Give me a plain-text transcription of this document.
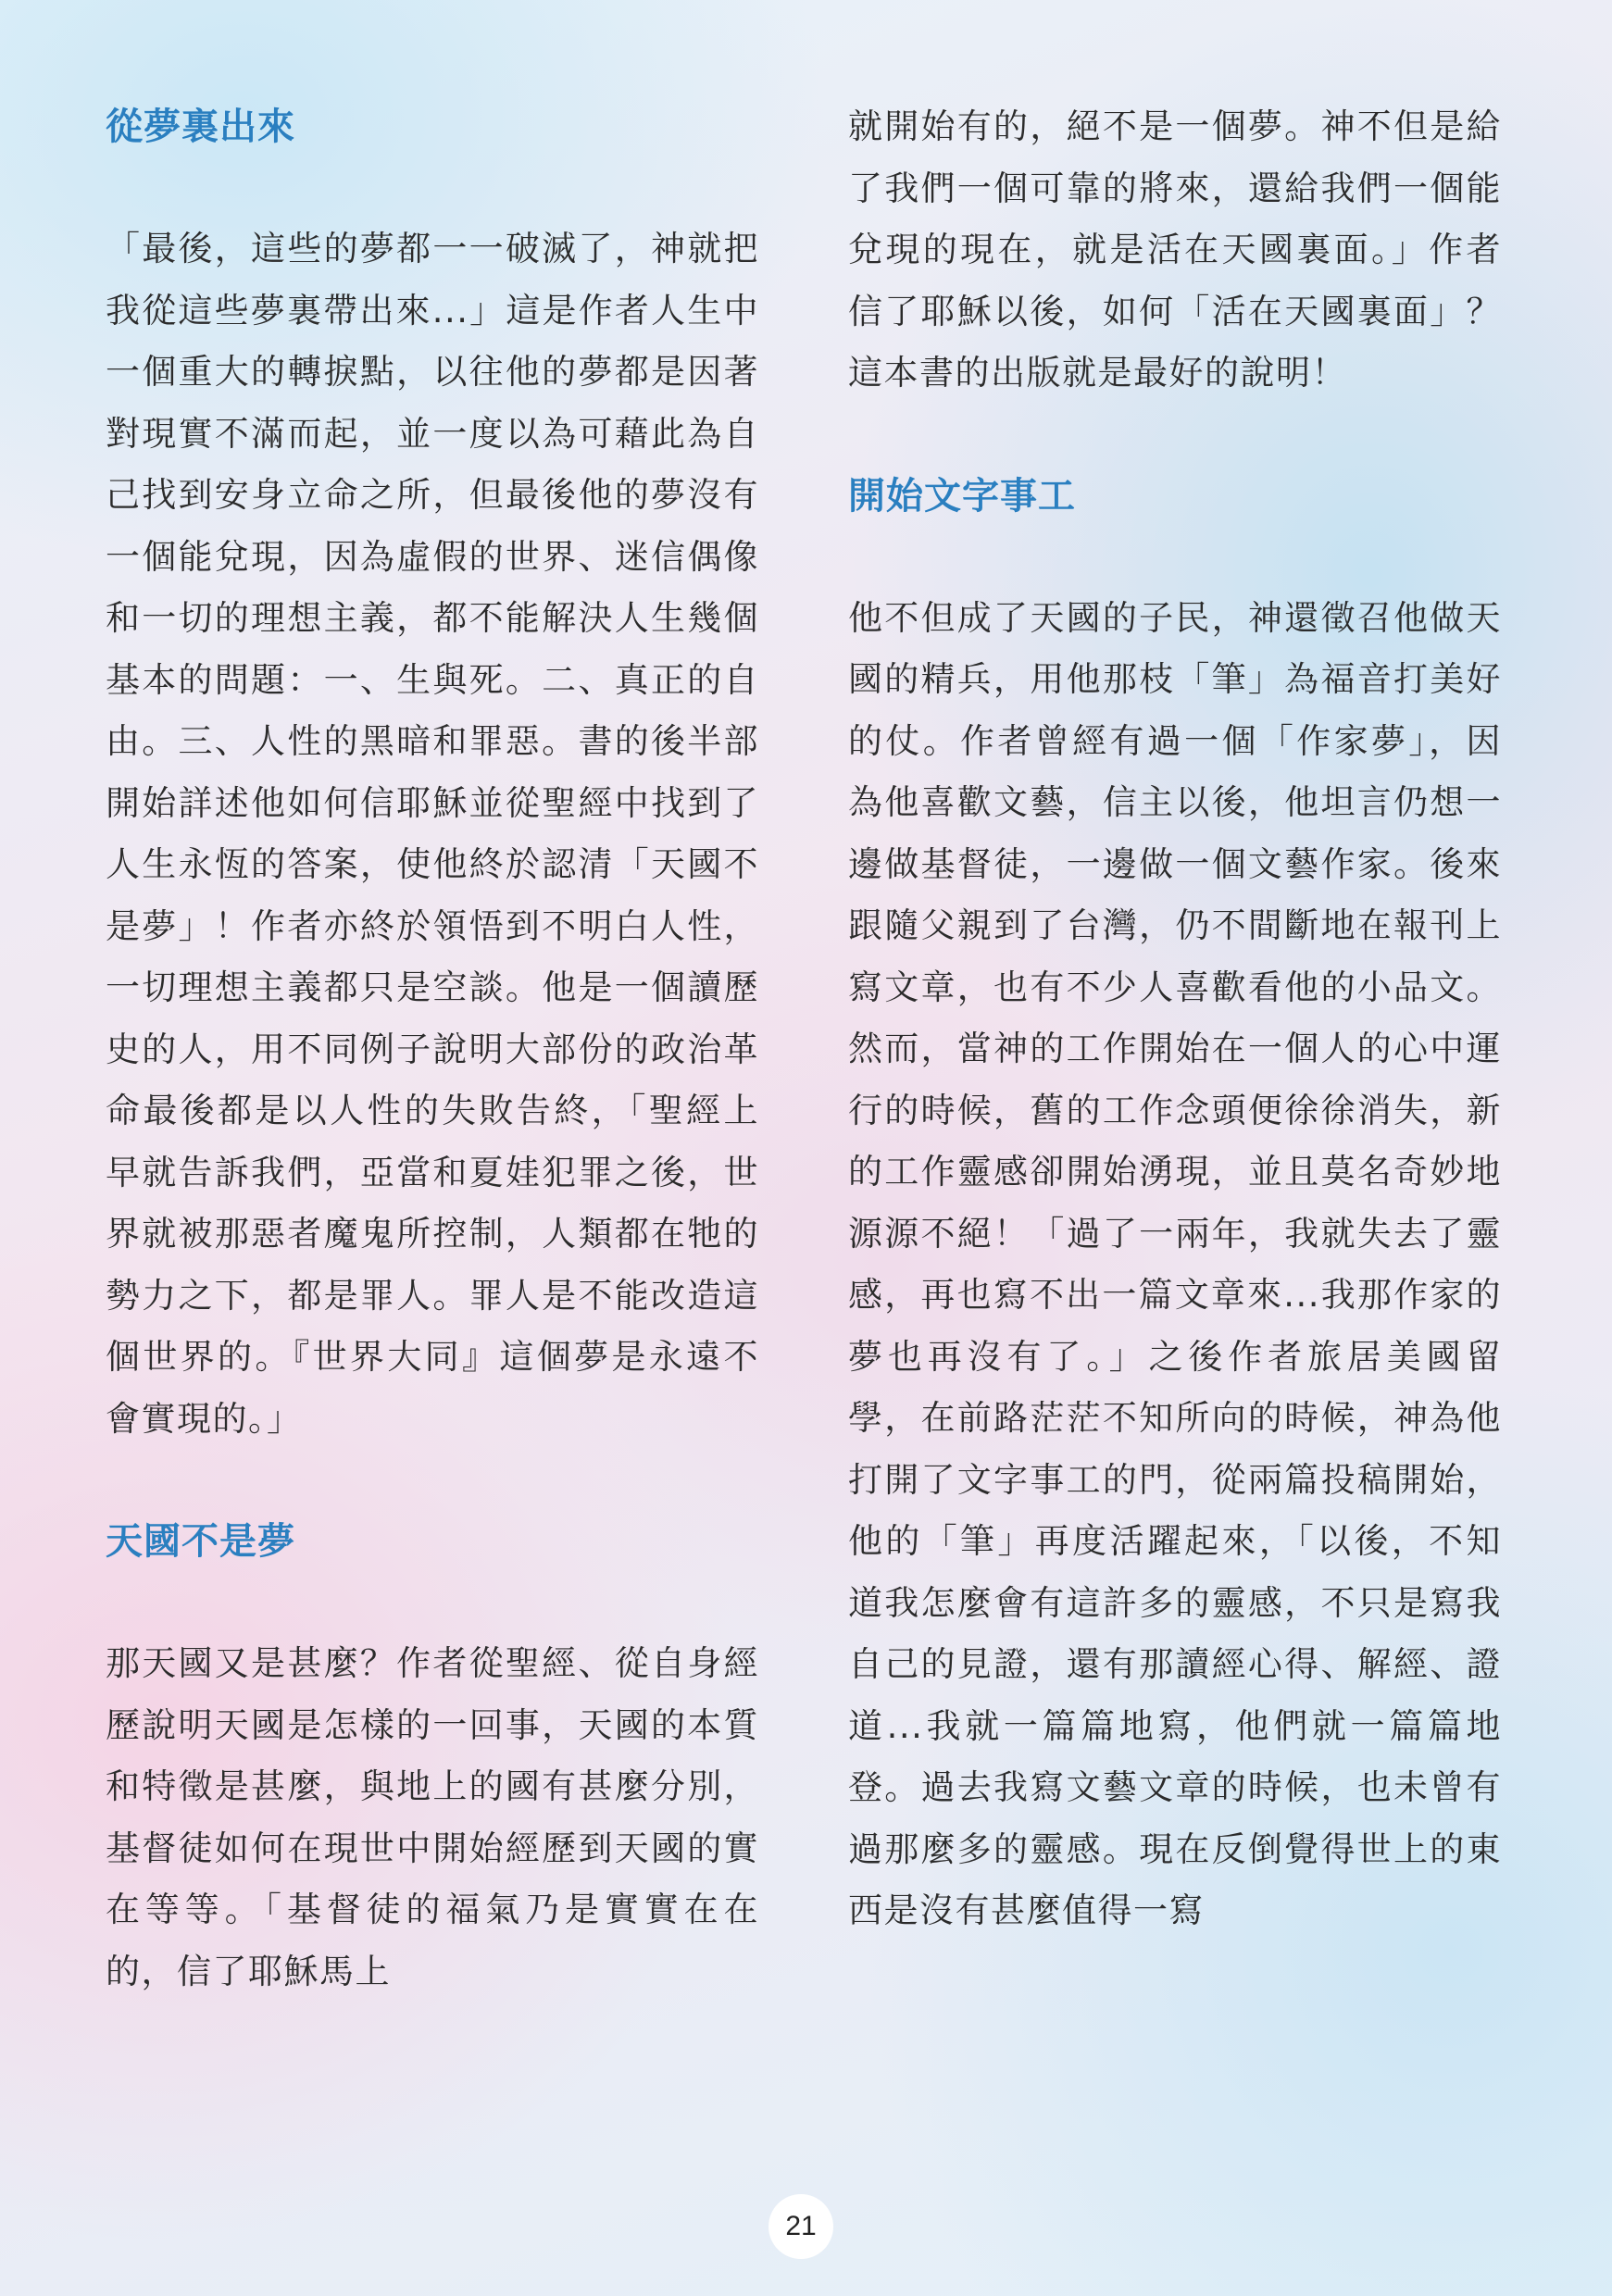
從夢裏出來

「最後，這些的夢都一一破滅了，神就把我從這些夢裏帶出來...」這是作者人生中一個重大的轉捩點，以往他的夢都是因著對現實不滿而起，並一度以為可藉此為自己找到安身立命之所，但最後他的夢沒有一個能兌現，因為虛假的世界、迷信偶像和一切的理想主義，都不能解決人生幾個基本的問題：一、生與死。二、真正的自由。三、人性的黑暗和罪惡。書的後半部開始詳述他如何信耶穌並從聖經中找到了人生永恆的答案，使他終於認清「天國不是夢」！作者亦終於領悟到不明白人性，一切理想主義都只是空談。他是一個讀歷史的人，用不同例子說明大部份的政治革命最後都是以人性的失敗告終，「聖經上早就告訴我們，亞當和夏娃犯罪之後，世界就被那惡者魔鬼所控制，人類都在牠的勢力之下，都是罪人。罪人是不能改造這個世界的。『世界大同』這個夢是永遠不會實現的。」

天國不是夢

那天國又是甚麼？作者從聖經、從自身經歷說明天國是怎樣的一回事，天國的本質和特徵是甚麼，與地上的國有甚麼分別，基督徒如何在現世中開始經歷到天國的實在等等。「基督徒的福氣乃是實實在在的，信了耶穌馬上

就開始有的，絕不是一個夢。神不但是給了我們一個可靠的將來，還給我們一個能兌現的現在，就是活在天國裏面。」作者信了耶穌以後，如何「活在天國裏面」？這本書的出版就是最好的說明！

開始文字事工

他不但成了天國的子民，神還徵召他做天國的精兵，用他那枝「筆」為福音打美好的仗。作者曾經有過一個「作家夢」，因為他喜歡文藝，信主以後，他坦言仍想一邊做基督徒，一邊做一個文藝作家。後來跟隨父親到了台灣，仍不間斷地在報刊上寫文章，也有不少人喜歡看他的小品文。然而，當神的工作開始在一個人的心中運行的時候，舊的工作念頭便徐徐消失，新的工作靈感卻開始湧現，並且莫名奇妙地源源不絕！「過了一兩年，我就失去了靈感，再也寫不出一篇文章來...我那作家的夢也再沒有了。」之後作者旅居美國留學，在前路茫茫不知所向的時候，神為他打開了文字事工的門，從兩篇投稿開始，他的「筆」再度活躍起來，「以後，不知道我怎麼會有這許多的靈感，不只是寫我自己的見證，還有那讀經心得、解經、證道...我就一篇篇地寫，他們就一篇篇地登。過去我寫文藝文章的時候，也未曾有過那麼多的靈感。現在反倒覺得世上的東西是沒有甚麼值得一寫

21
